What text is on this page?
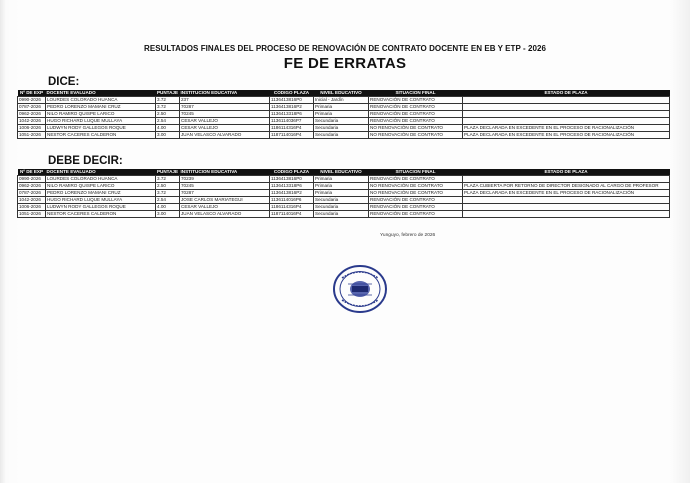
RESULTADOS FINALES DEL PROCESO DE RENOVACIÓN DE CONTRATO DOCENTE EN EB Y ETP - 2026
FE DE ERRATAS
DICE:
Nº DE EXP	DOCENTE EVALUADO	PUNTAJE	INSTITUCION EDUCATIVA	CODIGO PLAZA	NIVEL EDUCATIVO	SITUACION FINAL	ESTADO DE PLAZA
0990-2026	LOURDES COLORADO HUANCA	3.72	237	1136413816P0	Inicial - Jardín	RENOVACIÓN DE CONTRATO	
0787-2026	PEDRO LORENZO MAMANI CRUZ	3.72	70287	1136413816P2	Primaria	RENOVACIÓN DE CONTRATO	
0962-2026	NILO RAMIRO QUISPE LARICO	2.50	70245	1136413318P6	Primaria	RENOVACIÓN DE CONTRATO	
1042-2026	HUGO RICHARD LUQUE MULLAYA	2.54	CESAR VALLEJO	1136114036P7	Secundaria	RENOVACIÓN DE CONTRATO	
1006-2026	LUDWYN RODY GALLEGOS ROQUE	4.00	CESAR VALLEJO	1186114316P4	Secundaria	NO RENOVACIÓN DE CONTRATO	PLAZA DECLARADA EN EXCEDENTE EN EL PROCESO DE RACIONALIZACIÓN
1051-2026	NESTOR CACERES CALDERON	3.00	JUAN VELASCO ALVARADO	1187114016P4	Secundaria	NO RENOVACIÓN DE CONTRATO	PLAZA DECLARADA EN EXCEDENTE EN EL PROCESO DE RACIONALIZACIÓN
DEBE DECIR:
Nº DE EXP	DOCENTE EVALUADO	PUNTAJE	INSTITUCION EDUCATIVA	CODIGO PLAZA	NIVEL EDUCATIVO	SITUACION FINAL	ESTADO DE PLAZA
0990-2026	LOURDES COLORADO HUANCA	3.72	70239	1136413816P0	Primaria	RENOVACIÓN DE CONTRATO	
0962-2026	NILO RAMIRO QUISPE LARICO	2.50	70245	1136413318P6	Primaria	NO RENOVACIÓN DE CONTRATO	PLAZA CUBIERTA POR RETORNO DE DIRECTOR DESIGNADO AL CARGO DE PROFESOR
0787-2026	PEDRO LORENZO MAMANI CRUZ	3.72	70287	1136413816P2	Primaria	NO RENOVACIÓN DE CONTRATO	PLAZA DECLARADA EN EXCEDENTE EN EL PROCESO DE RACIONALIZACIÓN
1042-2026	HUGO RICHARD LUQUE MULLAYA	2.54	JOSE CARLOS MARIATEGUI	1136114016P6	Secundaria	RENOVACIÓN DE CONTRATO	
1006-2026	LUDWYN RODY GALLEGOS ROQUE	4.00	CESAR VALLEJO	1186114316P4	Secundaria	RENOVACIÓN DE CONTRATO	
1051-2026	NESTOR CACERES CALDERON	3.00	JUAN VELASCO ALVARADO	1187114016P4	Secundaria	RENOVACIÓN DE CONTRATO	
Yunguyo, febrero de 2026
